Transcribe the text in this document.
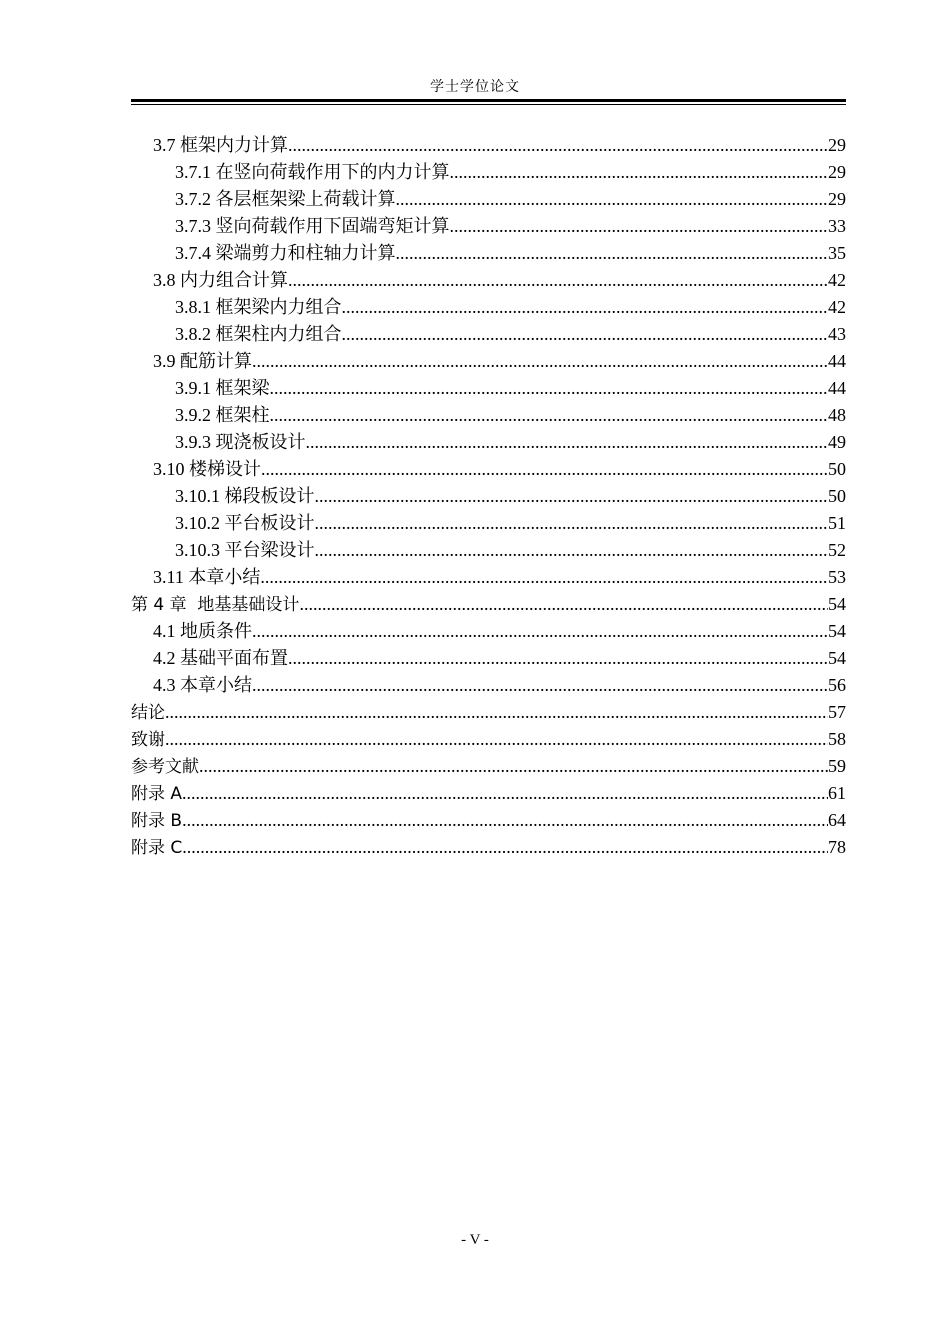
学士学位论文
3.7 框架内力计算 .....	29
3.7.1 在竖向荷载作用下的内力计算 .....	29
3.7.2 各层框架梁上荷载计算 .....	29
3.7.3 竖向荷载作用下固端弯矩计算 .....	33
3.7.4 梁端剪力和柱轴力计算 .....	35
3.8 内力组合计算 .....	42
3.8.1 框架梁内力组合 .....	42
3.8.2 框架柱内力组合 .....	43
3.9 配筋计算 .....	44
3.9.1 框架梁 .....	44
3.9.2 框架柱 .....	48
3.9.3 现浇板设计 .....	49
3.10 楼梯设计 .....	50
3.10.1 梯段板设计 .....	50
3.10.2 平台板设计 .....	51
3.10.3 平台梁设计 .....	52
3.11 本章小结 .....	53
第 4 章  地基基础设计 .....	54
4.1 地质条件 .....	54
4.2 基础平面布置 .....	54
4.3 本章小结 .....	56
结论 .....	57
致谢 .....	58
参考文献 .....	59
附录 A .....	61
附录 B .....	64
附录 C .....	78
- V -
